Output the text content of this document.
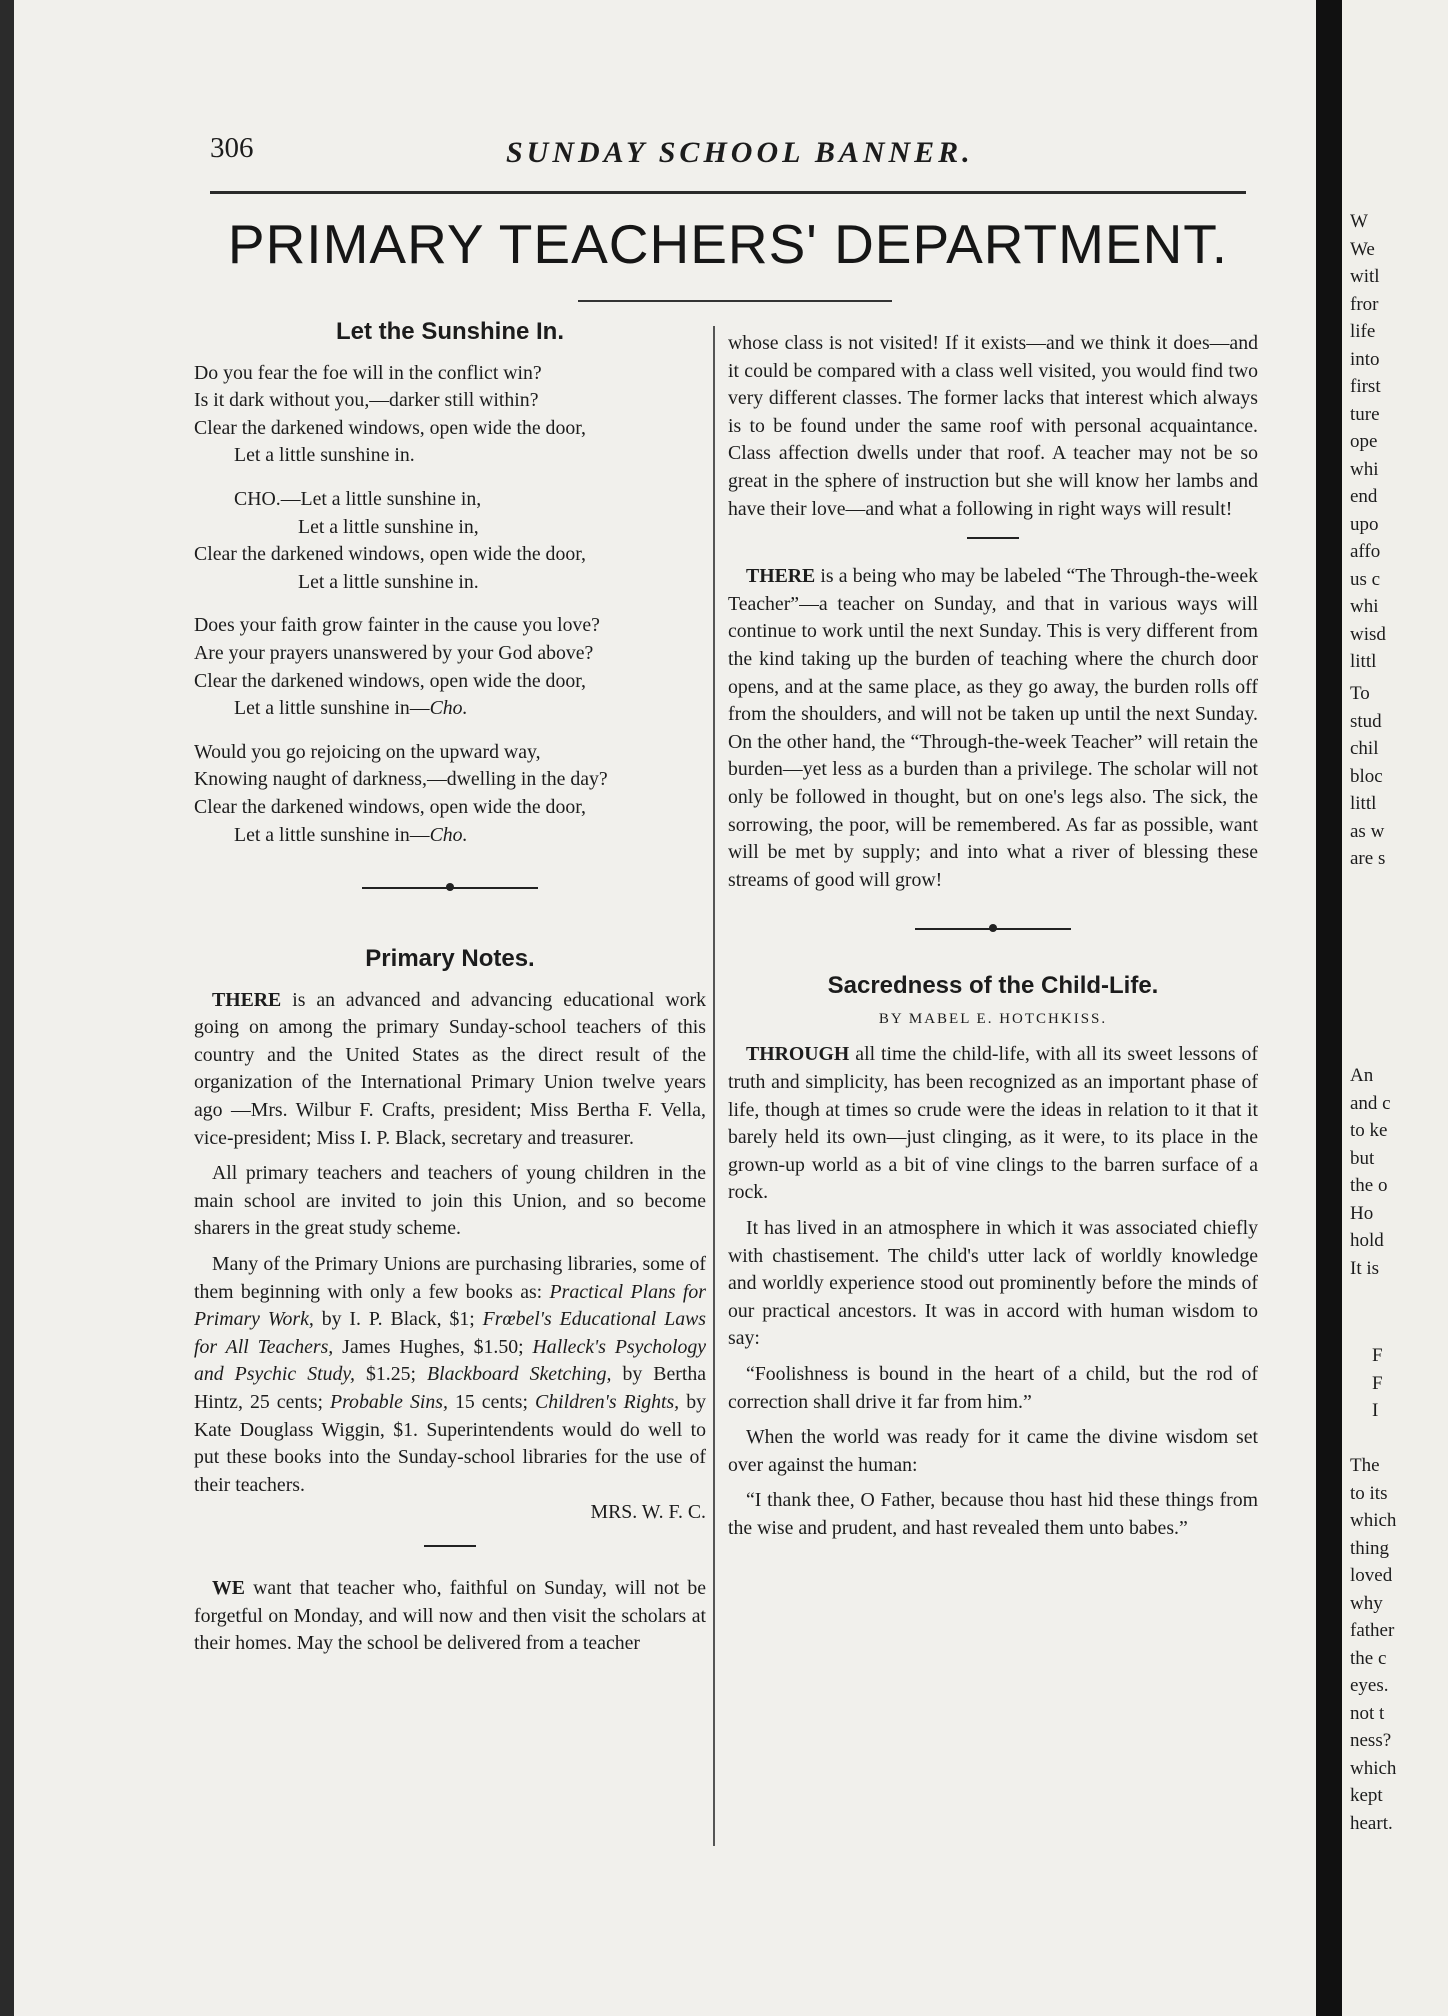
306	SUNDAY SCHOOL BANNER.
PRIMARY TEACHERS' DEPARTMENT.
Let the Sunshine In.

Do you fear the foe will in the conflict win?

Is it dark without you,—darker still within?

Clear the darkened windows, open wide the door,

Let a little sunshine in.

CHO.—Let a little sunshine in,

Let a little sunshine in,

Clear the darkened windows, open wide the door,

Let a little sunshine in.

Does your faith grow fainter in the cause you love?

Are your prayers unanswered by your God above?

Clear the darkened windows, open wide the door,

Let a little sunshine in—Cho.

Would you go rejoicing on the upward way,

Knowing naught of darkness,—dwelling in the day?

Clear the darkened windows, open wide the door,

Let a little sunshine in—Cho.

Primary Notes.

THERE is an advanced and advancing educational work going on among the primary Sunday-school teachers of this country and the United States as the direct result of the organization of the International Primary Union twelve years ago —Mrs. Wilbur F. Crafts, president; Miss Bertha F. Vella, vice-president; Miss I. P. Black, secretary and treasurer.

All primary teachers and teachers of young children in the main school are invited to join this Union, and so become sharers in the great study scheme.

Many of the Primary Unions are purchasing libraries, some of them beginning with only a few books as: Practical Plans for Primary Work, by I. P. Black, $1; Frœbel's Educational Laws for All Teachers, James Hughes, $1.50; Halleck's Psychology and Psychic Study, $1.25; Blackboard Sketching, by Bertha Hintz, 25 cents; Probable Sins, 15 cents; Children's Rights, by Kate Douglass Wiggin, $1. Superintendents would do well to put these books into the Sunday-school libraries for the use of their teachers.

MRS. W. F. C.

WE want that teacher who, faithful on Sunday, will not be forgetful on Monday, and will now and then visit the scholars at their homes. May the school be delivered from a teacher

whose class is not visited! If it exists—and we think it does—and it could be compared with a class well visited, you would find two very different classes. The former lacks that interest which always is to be found under the same roof with personal acquaintance. Class affection dwells under that roof. A teacher may not be so great in the sphere of instruction but she will know her lambs and have their love—and what a following in right ways will result!

THERE is a being who may be labeled “The Through-the-week Teacher”—a teacher on Sunday, and that in various ways will continue to work until the next Sunday. This is very different from the kind taking up the burden of teaching where the church door opens, and at the same place, as they go away, the burden rolls off from the shoulders, and will not be taken up until the next Sunday. On the other hand, the “Through-the-week Teacher” will retain the burden—yet less as a burden than a privilege. The scholar will not only be followed in thought, but on one's legs also. The sick, the sorrowing, the poor, will be remembered. As far as possible, want will be met by supply; and into what a river of blessing these streams of good will grow!

Sacredness of the Child-Life.
BY MABEL E. HOTCHKISS.

THROUGH all time the child-life, with all its sweet lessons of truth and simplicity, has been recognized as an important phase of life, though at times so crude were the ideas in relation to it that it barely held its own—just clinging, as it were, to its place in the grown-up world as a bit of vine clings to the barren surface of a rock.

It has lived in an atmosphere in which it was associated chiefly with chastisement. The child's utter lack of worldly knowledge and worldly experience stood out prominently before the minds of our practical ancestors. It was in accord with human wisdom to say:

“Foolishness is bound in the heart of a child, but the rod of correction shall drive it far from him.”

When the world was ready for it came the divine wisdom set over against the human:

“I thank thee, O Father, because thou hast hid these things from the wise and prudent, and hast revealed them unto babes.”

W
We
witl
fror
life
into
first
ture
ope
whi
end
upo
affo
us c
whi
wisd
littl
To
stud
chil
bloc
littl
as w
are s
An
and c
to ke
but
the o
Ho
hold
It is
F
F
I
The
to its
which
thing
loved
why
father
the c
eyes.
not t
ness?
which
kept
heart.
